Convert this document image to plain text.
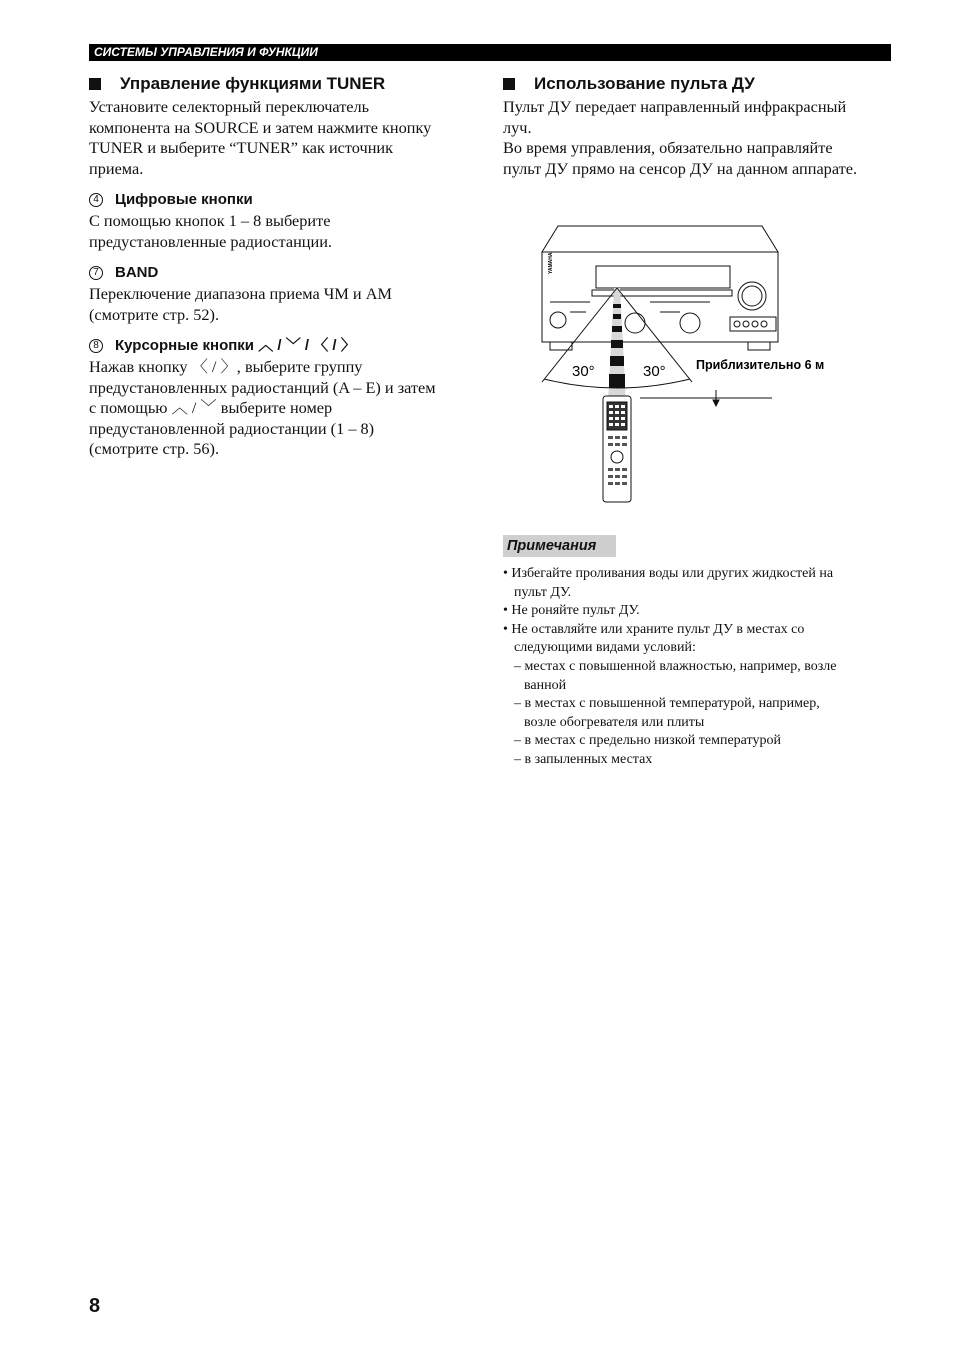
СИСТЕМЫ УПРАВЛЕНИЯ И ФУНКЦИИ
Управление функциями TUNER

Установите селекторный переключатель
компонента на SOURCE и затем нажмите кнопку
TUNER и выберите “TUNER” как источник
приема.

4 Цифровые кнопки

С помощью кнопок 1 – 8 выберите
предустановленные радиостанции.

7 BAND

Переключение диапазона приема ЧМ и АМ
(смотрите стр. 52).

8 Курсорные кнопки ︿ / ﹀ / 〈 / 〉

Нажав кнопку 〈 / 〉, выберите группу
предустановленных радиостанций (A – E) и затем
с помощью ︿ / ﹀ выберите номер
предустановленной радиостанции (1 – 8)
(смотрите стр. 56).

Использование пульта ДУ

Пульт ДУ передает направленный инфракрасный
луч.
Во время управления, обязательно направляйте
пульт ДУ прямо на сенсор ДУ на данном аппарате.

YAMAHA
30°	30° Приблизительно 6 м
Примечания
• Избегайте проливания воды или других жидкостей на
пульт ДУ.
• Не роняйте пульт ДУ.
• Не оставляйте или храните пульт ДУ в местах со
следующими видами условий:
– местах с повышенной влажностью, например, возле
ванной
– в местах с повышенной температурой, например,
возле обогревателя или плиты
– в местах с предельно низкой температурой
– в запыленных местах
8
